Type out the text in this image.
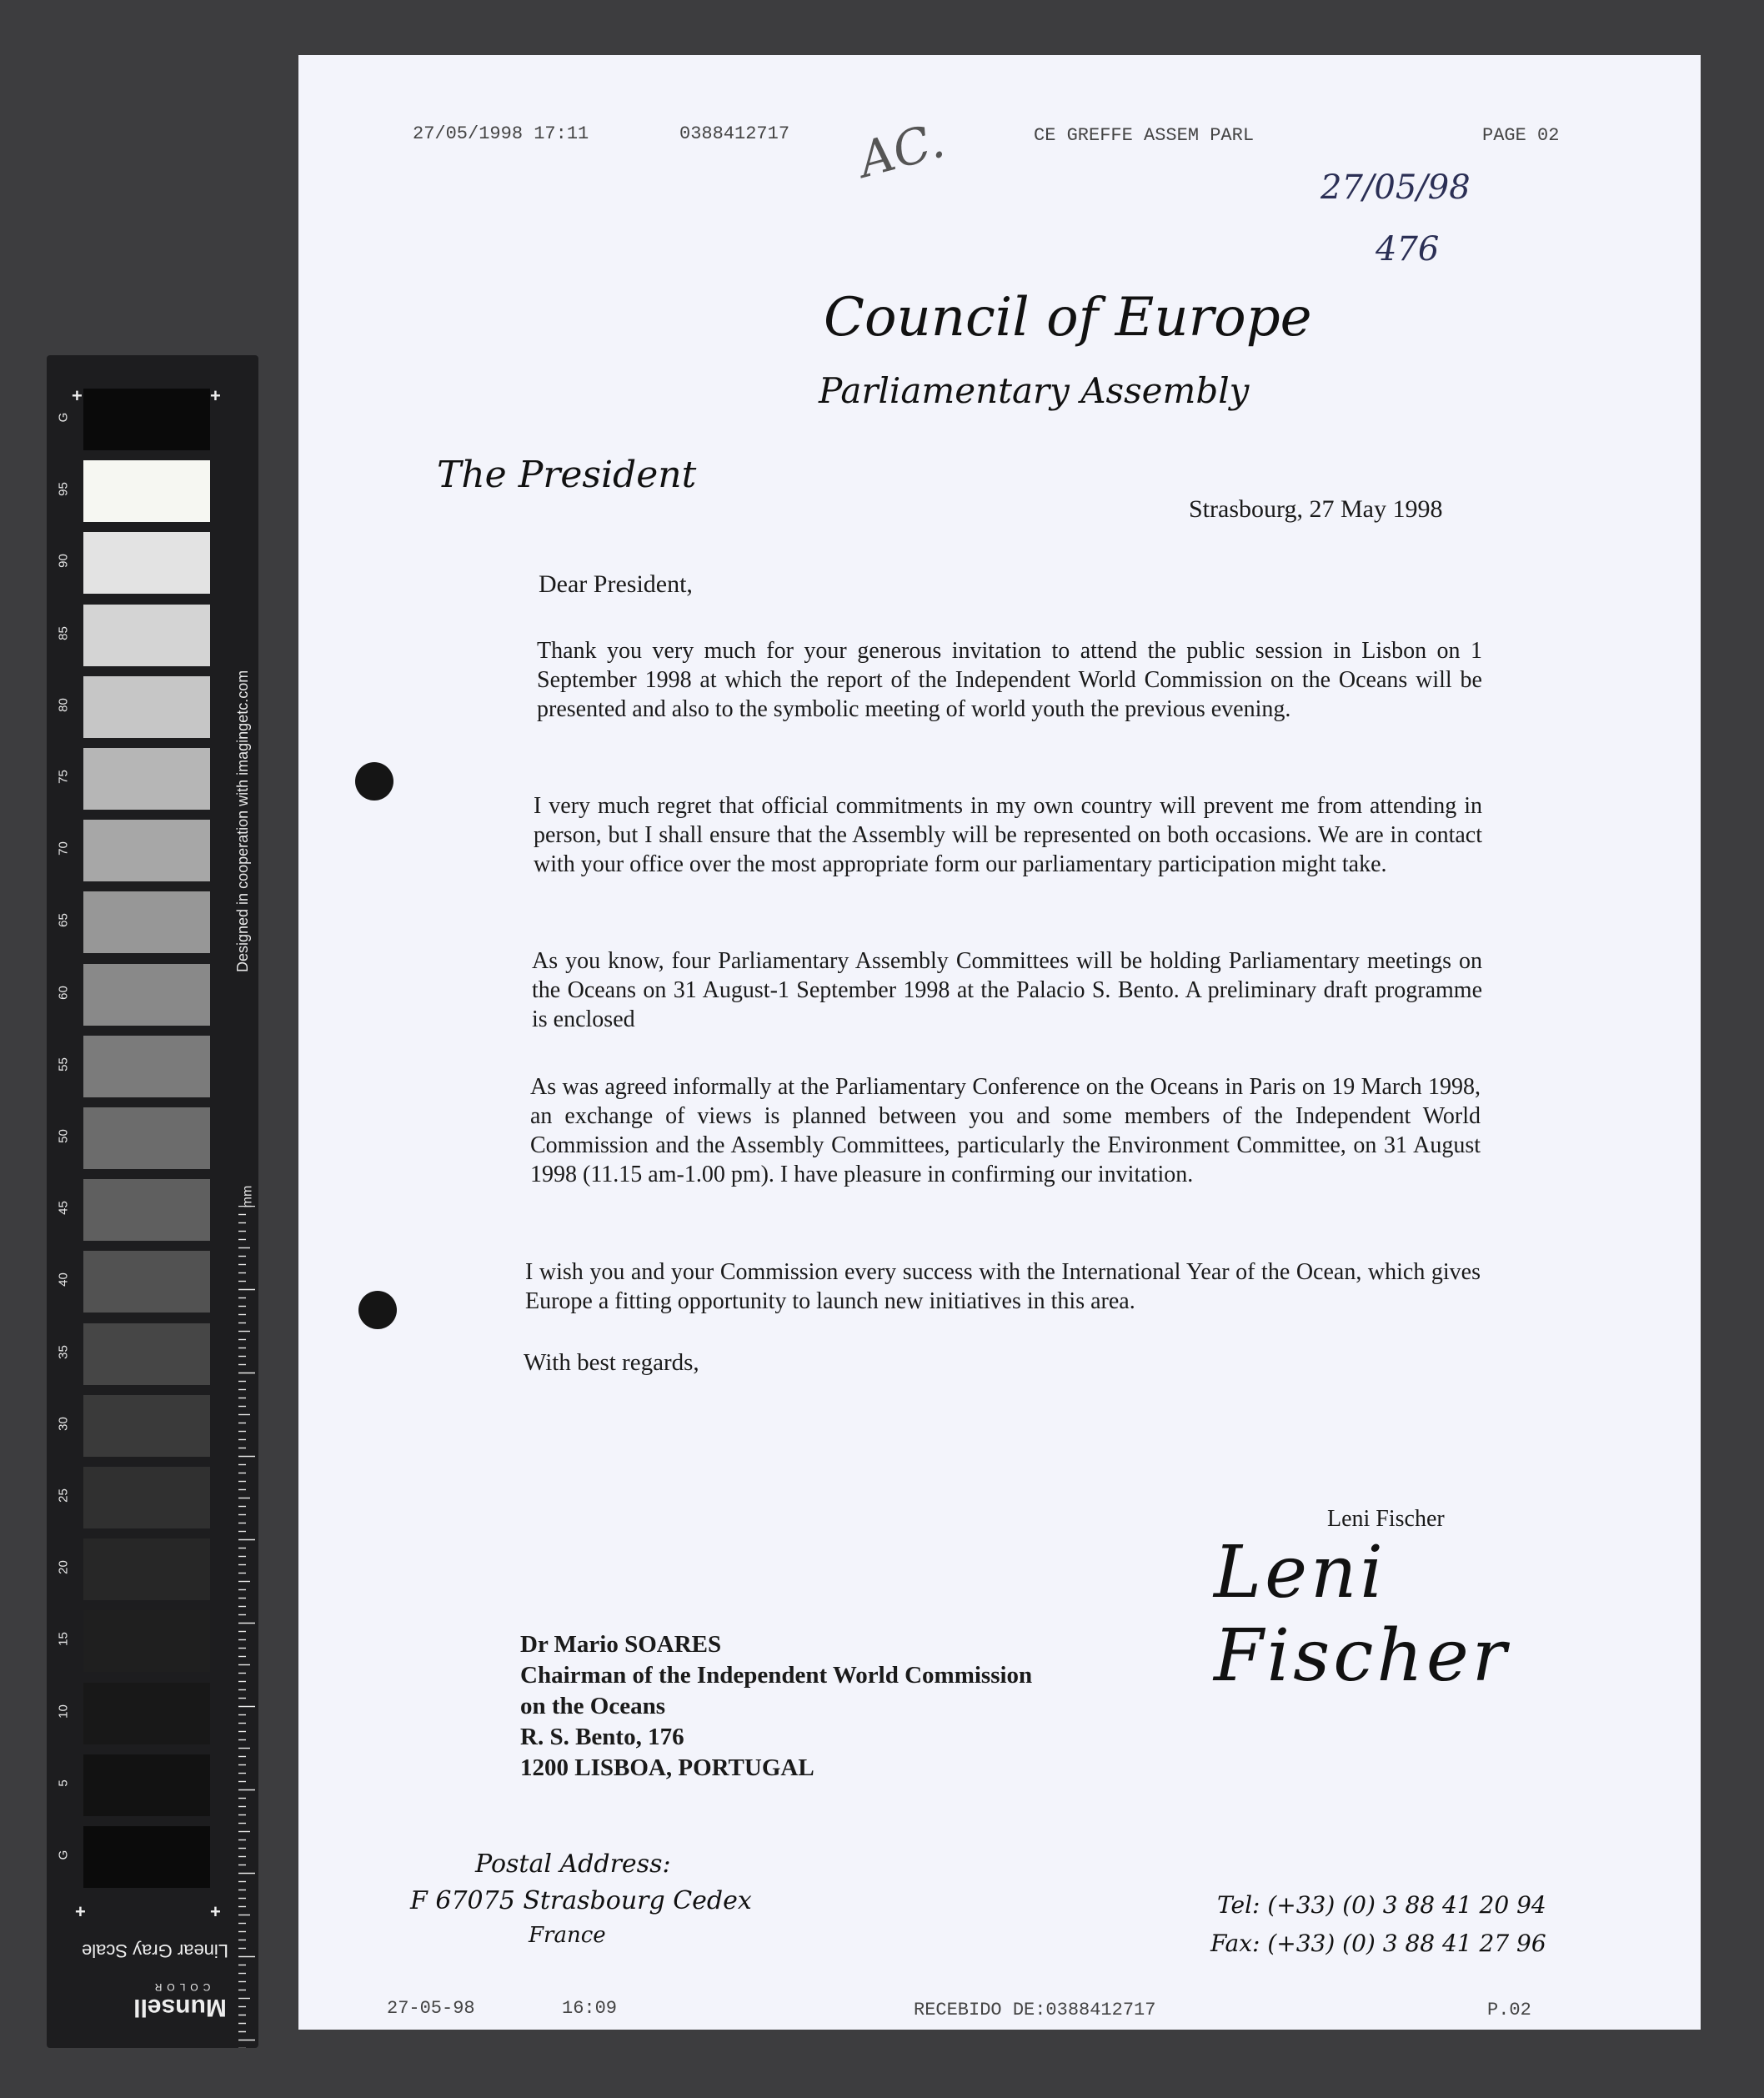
G
95
90
85
80
75
70
65
60
55
50
45
40
35
30
25
20
15
10
5
G
+	+
+	+
Designed in cooperation with imagingetc.com
mm
Linear Gray Scale
Munsell
COLOR
27/05/1998 17:11	0388412717	CE GREFFE ASSEM PARL	PAGE 02
AC.	27/05/98
476
Council of Europe
Parliamentary Assembly
The President
Strasbourg, 27 May 1998
Dear President,

Thank you very much for your generous invitation to attend the public session in Lisbon on 1 September 1998 at which the report of the Independent World Commission on the Oceans will be presented and also to the symbolic meeting of world youth the previous evening.

I very much regret that official commitments in my own country will prevent me from attending in person, but I shall ensure that the Assembly will be represented on both occasions. We are in contact with your office over the most appropriate form our parliamentary participation might take.

As you know, four Parliamentary Assembly Committees will be holding Parliamentary meetings on the Oceans on 31 August-1 September 1998 at the Palacio S. Bento. A preliminary draft programme is enclosed

As was agreed informally at the Parliamentary Conference on the Oceans in Paris on 19 March 1998, an exchange of views is planned between you and some members of the Independent World Commission and the Assembly Committees, particularly the Environment Committee, on 31 August 1998 (11.15 am-1.00 pm). I have pleasure in confirming our invitation.

I wish you and your Commission every success with the International Year of the Ocean, which gives Europe a fitting opportunity to launch new initiatives in this area.

With best regards,
Leni Fischer
Leni Fischer
Dr Mario SOARES
Chairman of the Independent World Commission
on the Oceans
R. S. Bento, 176
1200 LISBOA, PORTUGAL
Postal Address:
F 67075 Strasbourg Cedex
France
Tel: (+33) (0) 3 88 41 20 94
Fax: (+33) (0) 3 88 41 27 96
27-05-98	16:09	RECEBIDO DE:0388412717	P.02
